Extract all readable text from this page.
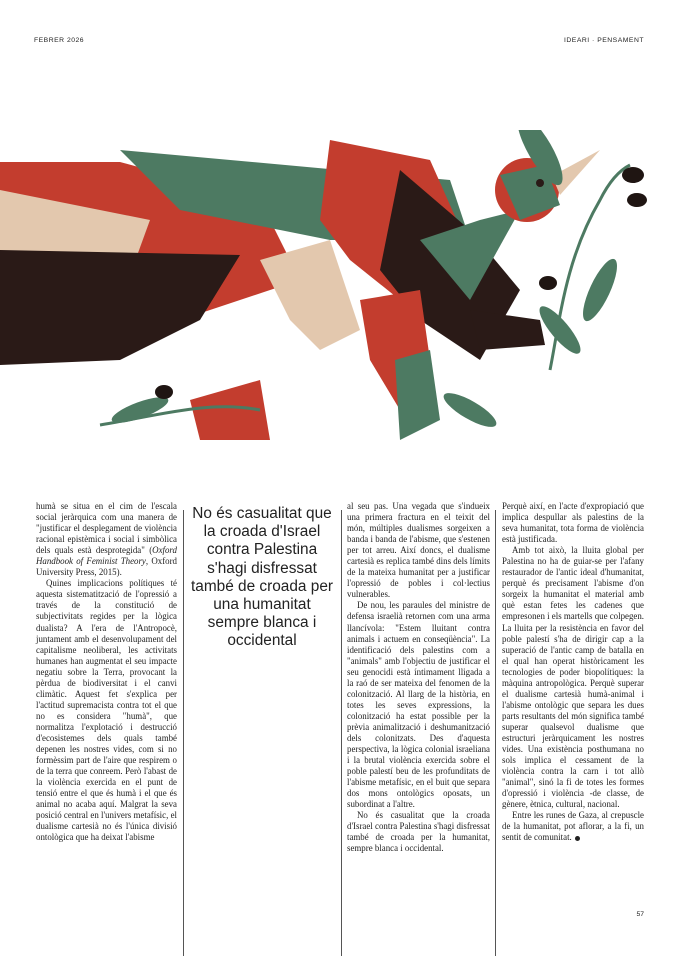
FEBRER 2026	IDEARI · PENSAMENT

humà se situa en el cim de l'escala social jeràrquica com una manera de "justificar el desplegament de violència racional epistèmica i social i simbòlica dels quals està desprotegida" (Oxford Handbook of Feminist Theory, Oxford University Press, 2015).

Quines implicacions polítiques té aquesta sistematització de l'opressió a través de la constitució de subjectivitats regides per la lògica dualista? A l'era de l'Antropocè, juntament amb el desenvolupament del capitalisme neoliberal, les activitats humanes han augmentat el seu impacte negatiu sobre la Terra, provocant la pèrdua de biodiversitat i el canvi climàtic. Aquest fet s'explica per l'actitud supremacista contra tot el que no es considera "humà", que normalitza l'explotació i destrucció d'ecosistemes dels quals també depenen les nostres vides, com si no formèssim part de l'aire que respirem o de la terra que conreem. Però l'abast de la violència exercida en el punt de tensió entre el que és humà i el que és animal no acaba aquí. Malgrat la seva posició central en l'univers metafísic, el dualisme cartesià no és l'única divisió ontològica que ha deixat l'abisme

No és casualitat que la croada d'Israel contra Palestina s'hagi disfressat també de croada per una humanitat sempre blanca i occidental

al seu pas. Una vegada que s'indueix una primera fractura en el teixit del món, múltiples dualismes sorgeixen a banda i banda de l'abisme, que s'estenen per tot arreu. Així doncs, el dualisme cartesià es replica també dins dels límits de la mateixa humanitat per a justificar l'opressió de pobles i col·lectius vulnerables.

De nou, les paraules del ministre de defensa israelià retornen com una arma llancívola: "Estem lluitant contra animals i actuem en conseqüència". La identificació dels palestins com a "animals" amb l'objectiu de justificar el seu genocidi està íntimament lligada a la raó de ser mateixa del fenomen de la colonització. Al llarg de la història, en totes les seves expressions, la colonització ha estat possible per la prèvia animalització i deshumanització dels colonitzats. Des d'aquesta perspectiva, la lògica colonial israeliana i la brutal violència exercida sobre el poble palestí beu de les profunditats de l'abisme metafísic, en el buit que separa dos mons ontològics oposats, un subordinat a l'altre.

No és casualitat que la croada d'Israel contra Palestina s'hagi disfressat també de croada per la humanitat, sempre blanca i occidental.

Perquè així, en l'acte d'expropiació que implica despullar als palestins de la seva humanitat, tota forma de violència està justificada.

Amb tot això, la lluita global per Palestina no ha de guiar-se per l'afany restaurador de l'antic ideal d'humanitat, perquè és precisament l'abisme d'on sorgeix la humanitat el material amb què estan fetes les cadenes que empresonen i els martells que colpegen. La lluita per la resistència en favor del poble palestí s'ha de dirigir cap a la superació de l'antic camp de batalla en el qual han operat històricament les tecnologies de poder biopolítiques: la màquina antropològica. Perquè superar el dualisme cartesià humà-animal i l'abisme ontològic que separa les dues parts resultants del món significa també superar qualsevol dualisme que estructuri jeràrquicament les nostres vides. Una existència posthumana no sols implica el cessament de la violència contra la carn i tot allò "animal", sinó la fi de totes les formes d'opressió i violència -de classe, de gènere, ètnica, cultural, nacional.

Entre les runes de Gaza, al crepuscle de la humanitat, pot aflorar, a la fi, un sentit de comunitat.

57
